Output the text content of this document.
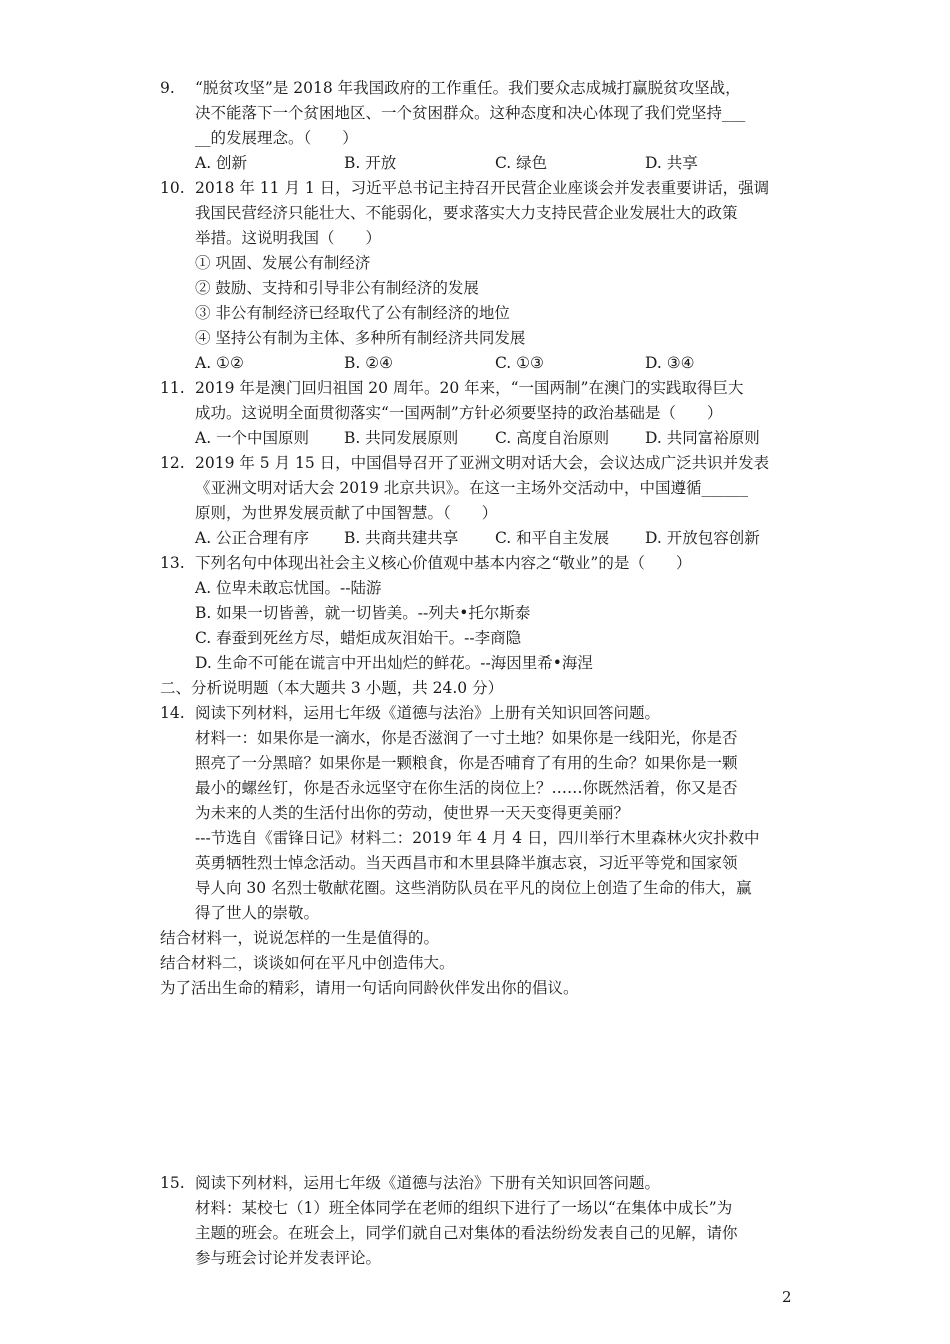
9. “脱贫攻坚”是 2018 年我国政府的工作重任。我们要众志成城打赢脱贫攻坚战，
决不能落下一个贫困地区、一个贫困群众。这种态度和决心体现了我们党坚持___
__的发展理念。（　　）
A. 创新	B. 开放	C. 绿色	D. 共享
10. 2018 年 11 月 1 日，习近平总书记主持召开民营企业座谈会并发表重要讲话，强调
我国民营经济只能壮大、不能弱化，要求落实大力支持民营企业发展壮大的政策
举措。这说明我国（　　）
① 巩固、发展公有制经济
② 鼓励、支持和引导非公有制经济的发展
③ 非公有制经济已经取代了公有制经济的地位
④ 坚持公有制为主体、多种所有制经济共同发展
A. ①②	B. ②④	C. ①③	D. ③④
11. 2019 年是澳门回归祖国 20 周年。20 年来，“一国两制”在澳门的实践取得巨大
成功。这说明全面贯彻落实“一国两制”方针必须要坚持的政治基础是（　　）
A. 一个中国原则 B. 共同发展原则 C. 高度自治原则 D. 共同富裕原则
12. 2019 年 5 月 15 日，中国倡导召开了亚洲文明对话大会，会议达成广泛共识并发表
《亚洲文明对话大会 2019 北京共识》。在这一主场外交活动中，中国遵循______
原则，为世界发展贡献了中国智慧。（　　）
A. 公正合理有序 B. 共商共建共享 C. 和平自主发展 D. 开放包容创新
13. 下列名句中体现出社会主义核心价值观中基本内容之“敬业”的是（　　）
A. 位卑未敢忘忧国。--陆游
B. 如果一切皆善，就一切皆美。--列夫•托尔斯泰
C. 春蚕到死丝方尽，蜡炬成灰泪始干。--李商隐
D. 生命不可能在谎言中开出灿烂的鲜花。--海因里希•海涅
二、分析说明题（本大题共 3 小题，共 24.0 分）
14. 阅读下列材料，运用七年级《道德与法治》上册有关知识回答问题。
材料一：如果你是一滴水，你是否滋润了一寸土地？如果你是一线阳光，你是否
照亮了一分黑暗？如果你是一颗粮食，你是否哺育了有用的生命？如果你是一颗
最小的螺丝钉，你是否永远坚守在你生活的岗位上？……你既然活着，你又是否
为未来的人类的生活付出你的劳动，使世界一天天变得更美丽？
---节选自《雷锋日记》材料二：2019 年 4 月 4 日，四川举行木里森林火灾扑救中
英勇牺牲烈士悼念活动。当天西昌市和木里县降半旗志哀，习近平等党和国家领
导人向 30 名烈士敬献花圈。这些消防队员在平凡的岗位上创造了生命的伟大，赢
得了世人的崇敬。
结合材料一，说说怎样的一生是值得的。
结合材料二，谈谈如何在平凡中创造伟大。
为了活出生命的精彩，请用一句话向同龄伙伴发出你的倡议。
15. 阅读下列材料，运用七年级《道德与法治》下册有关知识回答问题。
材料：某校七（1）班全体同学在老师的组织下进行了一场以“在集体中成长”为
主题的班会。在班会上，同学们就自己对集体的看法纷纷发表自己的见解，请你
参与班会讨论并发表评论。
2
